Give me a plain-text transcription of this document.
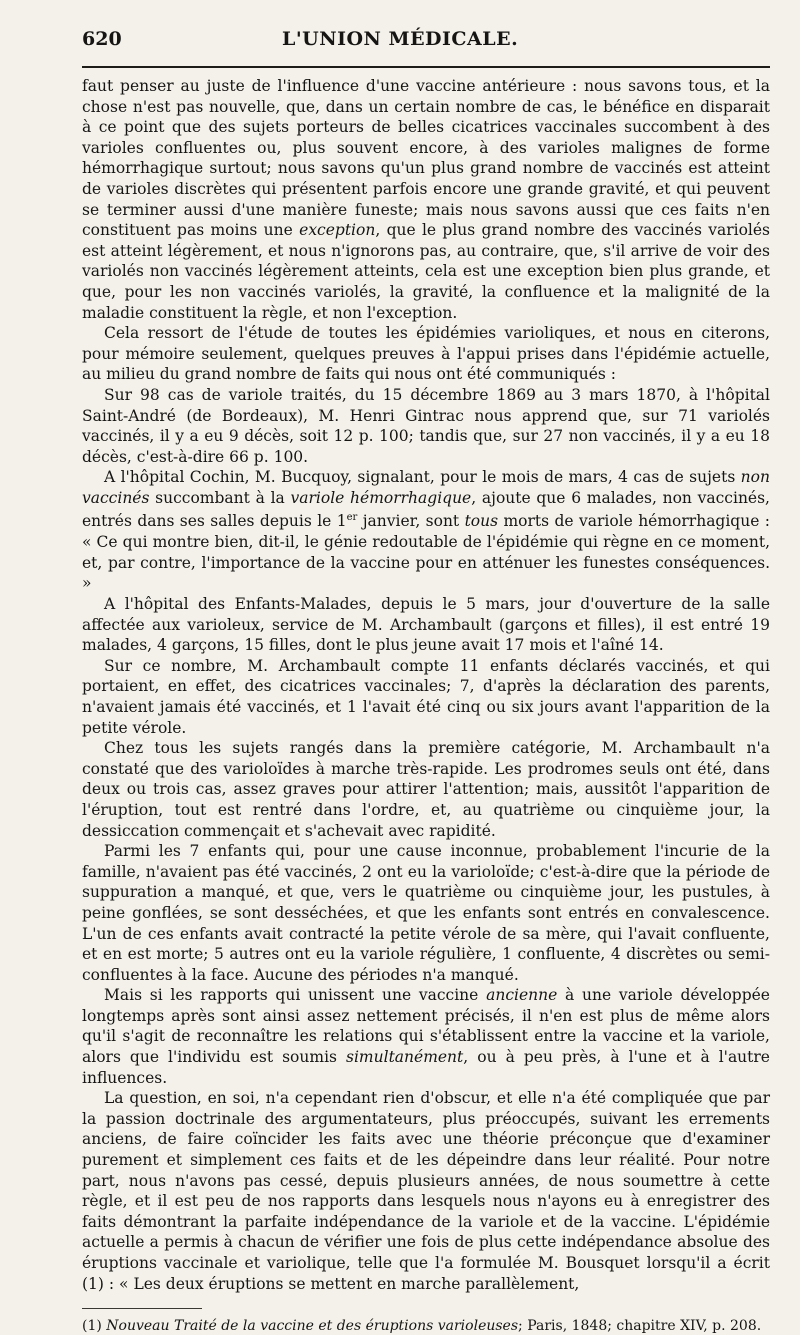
620	L'UNION MÉDICALE.

faut penser au juste de l'influence d'une vaccine antérieure : nous savons tous, et la chose n'est pas nouvelle, que, dans un certain nombre de cas, le bénéfice en disparait à ce point que des sujets porteurs de belles cicatrices vaccinales succombent à des varioles confluentes ou, plus souvent encore, à des varioles malignes de forme hémorrhagique surtout; nous savons qu'un plus grand nombre de vaccinés est atteint de varioles discrètes qui présentent parfois encore une grande gravité, et qui peuvent se terminer aussi d'une manière funeste; mais nous savons aussi que ces faits n'en constituent pas moins une exception, que le plus grand nombre des vaccinés variolés est atteint légèrement, et nous n'ignorons pas, au contraire, que, s'il arrive de voir des variolés non vaccinés légèrement atteints, cela est une exception bien plus grande, et que, pour les non vaccinés variolés, la gravité, la confluence et la malignité de la maladie constituent la règle, et non l'exception.

Cela ressort de l'étude de toutes les épidémies varioliques, et nous en citerons, pour mémoire seulement, quelques preuves à l'appui prises dans l'épidémie actuelle, au milieu du grand nombre de faits qui nous ont été communiqués :

Sur 98 cas de variole traités, du 15 décembre 1869 au 3 mars 1870, à l'hôpital Saint-André (de Bordeaux), M. Henri Gintrac nous apprend que, sur 71 variolés vaccinés, il y a eu 9 décès, soit 12 p. 100; tandis que, sur 27 non vaccinés, il y a eu 18 décès, c'est-à-dire 66 p. 100.

A l'hôpital Cochin, M. Bucquoy, signalant, pour le mois de mars, 4 cas de sujets non vaccinés succombant à la variole hémorrhagique, ajoute que 6 malades, non vaccinés, entrés dans ses salles depuis le 1er janvier, sont tous morts de variole hémorrhagique : « Ce qui montre bien, dit-il, le génie redoutable de l'épidémie qui règne en ce moment, et, par contre, l'importance de la vaccine pour en atténuer les funestes conséquences. »

A l'hôpital des Enfants-Malades, depuis le 5 mars, jour d'ouverture de la salle affectée aux varioleux, service de M. Archambault (garçons et filles), il est entré 19 malades, 4 garçons, 15 filles, dont le plus jeune avait 17 mois et l'aîné 14.

Sur ce nombre, M. Archambault compte 11 enfants déclarés vaccinés, et qui portaient, en effet, des cicatrices vaccinales; 7, d'après la déclaration des parents, n'avaient jamais été vaccinés, et 1 l'avait été cinq ou six jours avant l'apparition de la petite vérole.

Chez tous les sujets rangés dans la première catégorie, M. Archambault n'a constaté que des varioloïdes à marche très-rapide. Les prodromes seuls ont été, dans deux ou trois cas, assez graves pour attirer l'attention; mais, aussitôt l'apparition de l'éruption, tout est rentré dans l'ordre, et, au quatrième ou cinquième jour, la dessiccation commençait et s'achevait avec rapidité.

Parmi les 7 enfants qui, pour une cause inconnue, probablement l'incurie de la famille, n'avaient pas été vaccinés, 2 ont eu la varioloïde; c'est-à-dire que la période de suppuration a manqué, et que, vers le quatrième ou cinquième jour, les pustules, à peine gonflées, se sont desséchées, et que les enfants sont entrés en convalescence. L'un de ces enfants avait contracté la petite vérole de sa mère, qui l'avait confluente, et en est morte; 5 autres ont eu la variole régulière, 1 confluente, 4 discrètes ou semi-confluentes à la face. Aucune des périodes n'a manqué.

Mais si les rapports qui unissent une vaccine ancienne à une variole développée longtemps après sont ainsi assez nettement précisés, il n'en est plus de même alors qu'il s'agit de reconnaître les relations qui s'établissent entre la vaccine et la variole, alors que l'individu est soumis simultanément, ou à peu près, à l'une et à l'autre influences.

La question, en soi, n'a cependant rien d'obscur, et elle n'a été compliquée que par la passion doctrinale des argumentateurs, plus préoccupés, suivant les errements anciens, de faire coïncider les faits avec une théorie préconçue que d'examiner purement et simplement ces faits et de les dépeindre dans leur réalité. Pour notre part, nous n'avons pas cessé, depuis plusieurs années, de nous soumettre à cette règle, et il est peu de nos rapports dans lesquels nous n'ayons eu à enregistrer des faits démontrant la parfaite indépendance de la variole et de la vaccine. L'épidémie actuelle a permis à chacun de vérifier une fois de plus cette indépendance absolue des éruptions vaccinale et variolique, telle que l'a formulée M. Bousquet lorsqu'il a écrit (1) : « Les deux éruptions se mettent en marche parallèlement,

(1) Nouveau Traité de la vaccine et des éruptions varioleuses; Paris, 1848; chapitre XIV, p. 208.
